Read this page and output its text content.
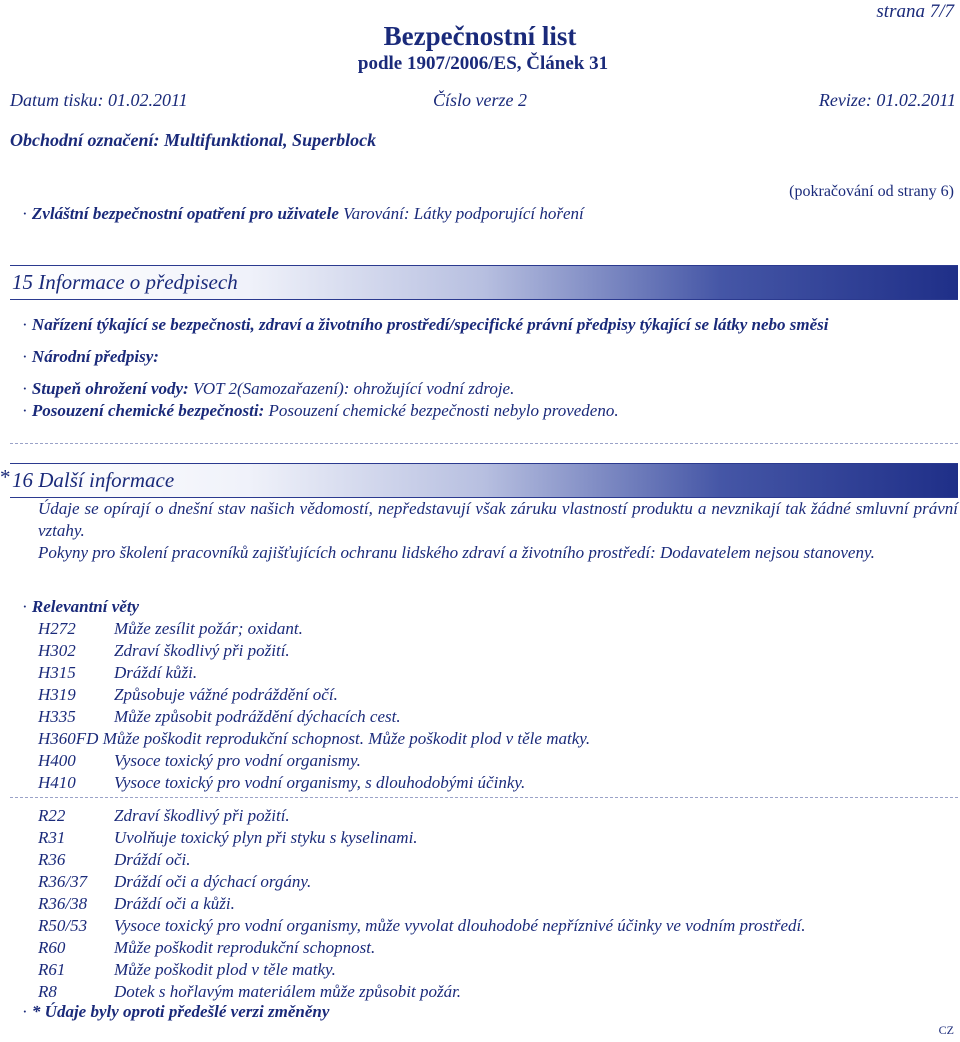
Bezpečnostní list
podle 1907/2006/ES, Článek 31
strana 7/7
Datum tisku: 01.02.2011	Číslo verze 2	Revize: 01.02.2011
Obchodní označení: Multifunktional, Superblock
(pokračování od strany 6)
· Zvláštní bezpečnostní opatření pro uživatele Varování: Látky podporující hoření
15 Informace o předpisech
· Nařízení týkající se bezpečnosti, zdraví a životního prostředí/specifické právní předpisy týkající se látky nebo směsi
· Národní předpisy:
· Stupeň ohrožení vody: VOT 2(Samozařazení): ohrožující vodní zdroje.
· Posouzení chemické bezpečnosti: Posouzení chemické bezpečnosti nebylo provedeno.
* 16 Další informace
Údaje se opírají o dnešní stav našich vědomostí, nepředstavují však záruku vlastností produktu a nevznikají tak žádné smluvní právní vztahy.
Pokyny pro školení pracovníků zajišťujících ochranu lidského zdraví a životního prostředí: Dodavatelem nejsou stanoveny.
· Relevantní věty
H272 Může zesílit požár; oxidant.
H302 Zdraví škodlivý při požití.
H315 Dráždí kůži.
H319 Způsobuje vážné podráždění očí.
H335 Může způsobit podráždění dýchacích cest.
H360FD Může poškodit reprodukční schopnost. Může poškodit plod v těle matky.
H400 Vysoce toxický pro vodní organismy.
H410 Vysoce toxický pro vodní organismy, s dlouhodobými účinky.
R22	Zdraví škodlivý při požití.
R31	Uvolňuje toxický plyn při styku s kyselinami.
R36	Dráždí oči.
R36/37 Dráždí oči a dýchací orgány.
R36/38 Dráždí oči a kůži.
R50/53 Vysoce toxický pro vodní organismy, může vyvolat dlouhodobé nepříznivé účinky ve vodním prostředí.
R60	Může poškodit reprodukční schopnost.
R61	Může poškodit plod v těle matky.
R8	Dotek s hořlavým materiálem může způsobit požár.
· * Údaje byly oproti předešlé verzi změněny
CZ
